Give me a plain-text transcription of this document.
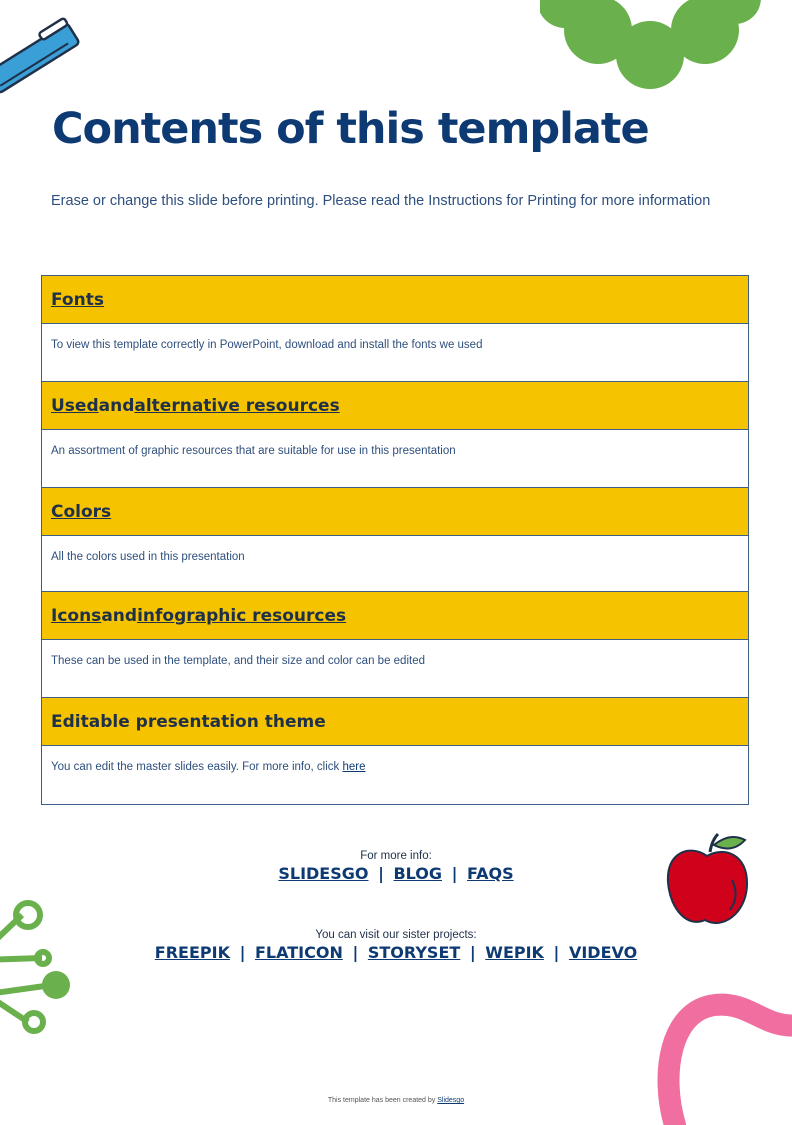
Contents of this template

Erase or change this slide before printing. Please read the Instructions for Printing for more information

Fonts
To view this template correctly in PowerPoint, download and install the fonts we used
Used and alternative resources
An assortment of graphic resources that are suitable for use in this presentation
Colors
All the colors used in this presentation
Icons and infographic resources
These can be used in the template, and their size and color can be edited
Editable presentation theme
You can edit the master slides easily. For more info, click here
For more info:
SLIDESGO | BLOG | FAQS
You can visit our sister projects:
FREEPIK | FLATICON | STORYSET | WEPIK | VIDEVO
This template has been created by Slidesgo
